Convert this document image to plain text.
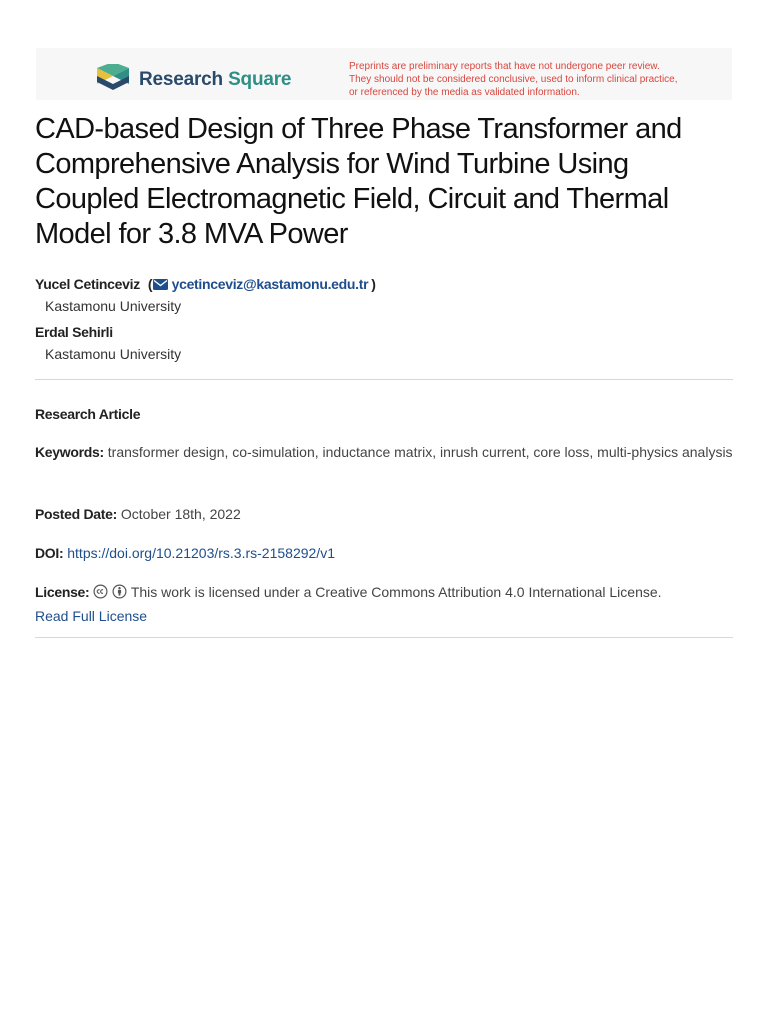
Research Square
Preprints are preliminary reports that have not undergone peer review.
They should not be considered conclusive, used to inform clinical practice,
or referenced by the media as validated information.
CAD-based Design of Three Phase Transformer and Comprehensive Analysis for Wind Turbine Using Coupled Electromagnetic Field, Circuit and Thermal Model for 3.8 MVA Power
Yucel Cetinceviz ( ycetinceviz@kastamonu.edu.tr )
Kastamonu University
Erdal Sehirli
Kastamonu University
Research Article
Keywords: transformer design, co-simulation, inductance matrix, inrush current, core loss, multi-physics analysis
Posted Date: October 18th, 2022
DOI: https://doi.org/10.21203/rs.3.rs-2158292/v1
License:	This work is licensed under a Creative Commons Attribution 4.0 International License.
Read Full License
